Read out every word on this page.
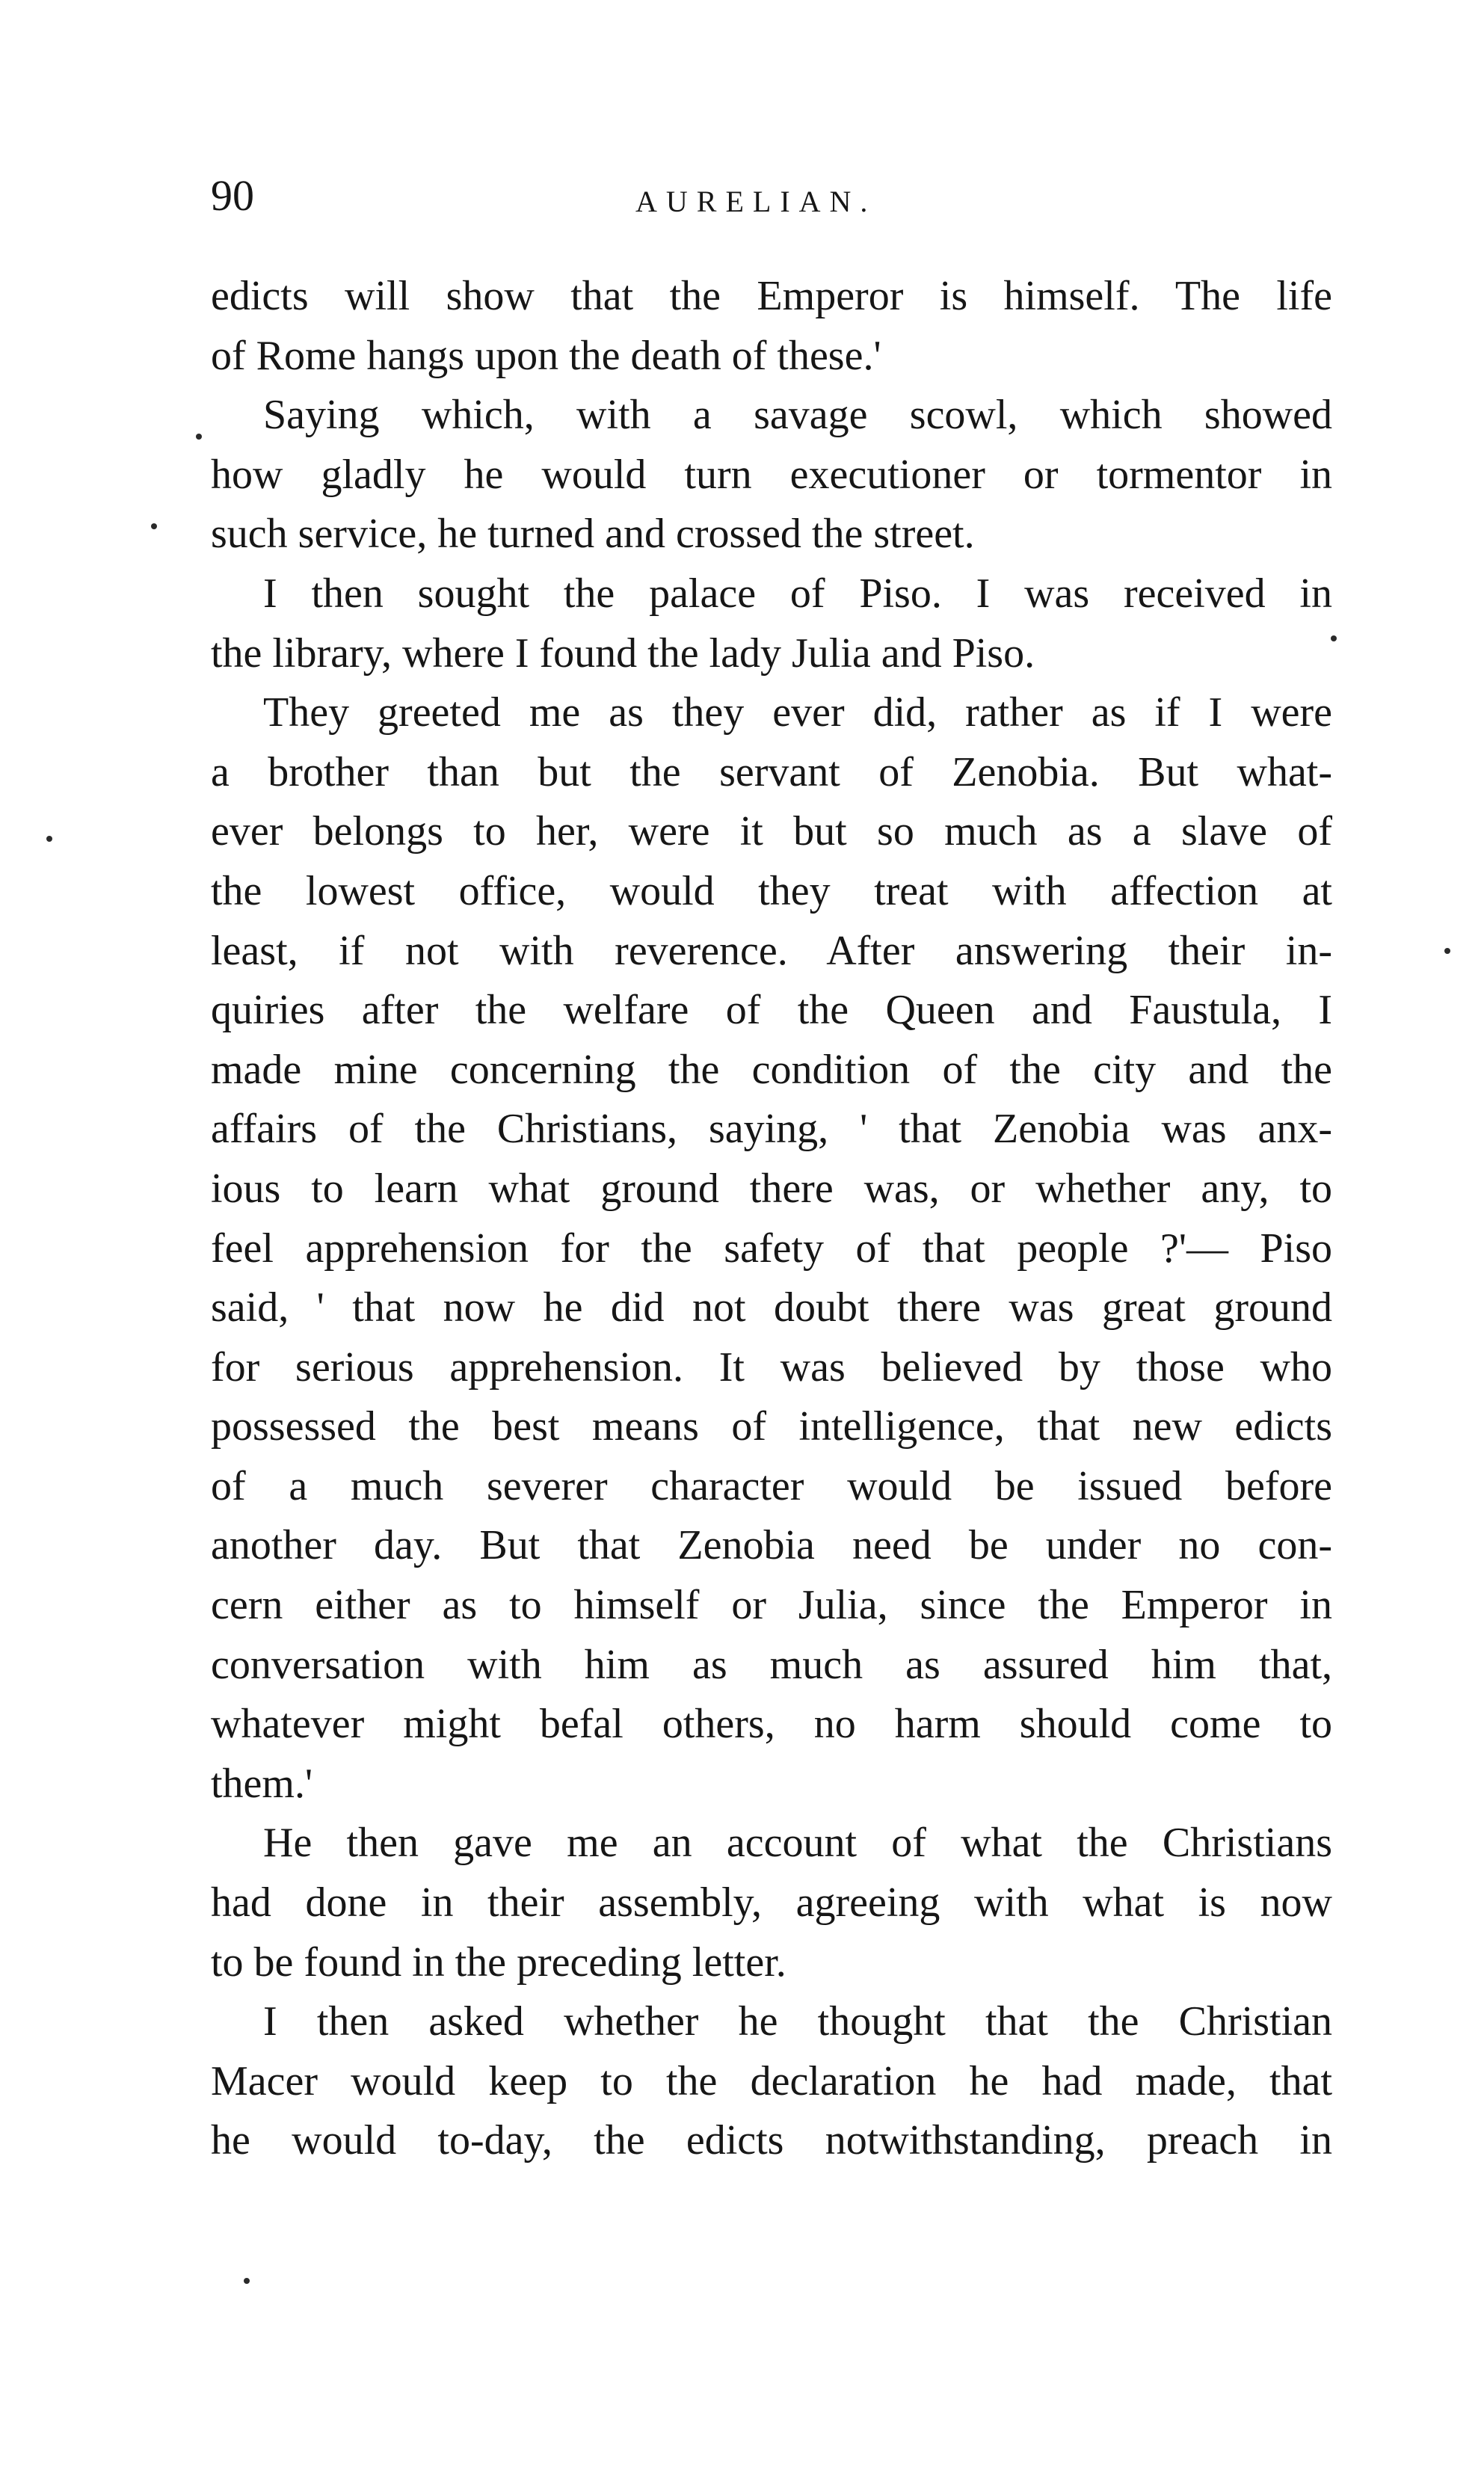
90	AURELIAN.
edicts will show that the Emperor is himself. The life
of Rome hangs upon the death of these.'
Saying which, with a savage scowl, which showed
how gladly he would turn executioner or tormentor in
such service, he turned and crossed the street.
I then sought the palace of Piso. I was received in
the library, where I found the lady Julia and Piso.
They greeted me as they ever did, rather as if I were
a brother than but the servant of Zenobia. But what-
ever belongs to her, were it but so much as a slave of
the lowest office, would they treat with affection at
least, if not with reverence. After answering their in-
quiries after the welfare of the Queen and Faustula, I
made mine concerning the condition of the city and the
affairs of the Christians, saying, ' that Zenobia was anx-
ious to learn what ground there was, or whether any, to
feel apprehension for the safety of that people ?'— Piso
said, ' that now he did not doubt there was great ground
for serious apprehension. It was believed by those who
possessed the best means of intelligence, that new edicts
of a much severer character would be issued before
another day. But that Zenobia need be under no con-
cern either as to himself or Julia, since the Emperor in
conversation with him as much as assured him that,
whatever might befal others, no harm should come to
them.'
He then gave me an account of what the Christians
had done in their assembly, agreeing with what is now
to be found in the preceding letter.
I then asked whether he thought that the Christian
Macer would keep to the declaration he had made, that
he would to-day, the edicts notwithstanding, preach in
